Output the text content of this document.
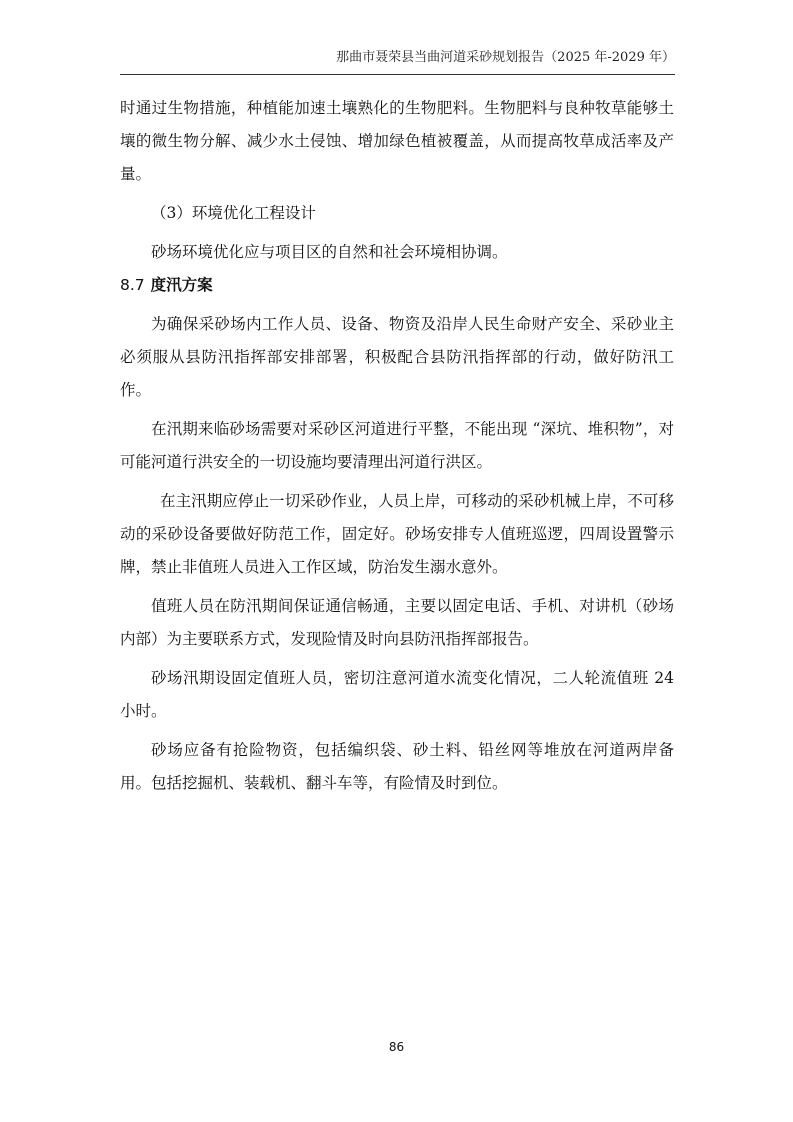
那曲市聂荣县当曲河道采砂规划报告（2025 年-2029 年）

时通过生物措施，种植能加速土壤熟化的生物肥料。生物肥料与良种牧草能够土壤的微生物分解、减少水土侵蚀、增加绿色植被覆盖，从而提高牧草成活率及产量。

（3）环境优化工程设计

砂场环境优化应与项目区的自然和社会环境相协调。

8.7 度汛方案

为确保采砂场内工作人员、设备、物资及沿岸人民生命财产安全、采砂业主必须服从县防汛指挥部安排部署，积极配合县防汛指挥部的行动，做好防汛工作。

在汛期来临砂场需要对采砂区河道进行平整，不能出现 “深坑、堆积物”，对可能河道行洪安全的一切设施均要清理出河道行洪区。

在主汛期应停止一切采砂作业，人员上岸，可移动的采砂机械上岸，不可移动的采砂设备要做好防范工作，固定好。砂场安排专人值班巡逻，四周设置警示牌，禁止非值班人员进入工作区域，防治发生溺水意外。

值班人员在防汛期间保证通信畅通，主要以固定电话、手机、对讲机（砂场内部）为主要联系方式，发现险情及时向县防汛指挥部报告。

砂场汛期设固定值班人员，密切注意河道水流变化情况，二人轮流值班 24 小时。

砂场应备有抢险物资，包括编织袋、砂土料、铅丝网等堆放在河道两岸备用。包括挖掘机、装载机、翻斗车等，有险情及时到位。

86
